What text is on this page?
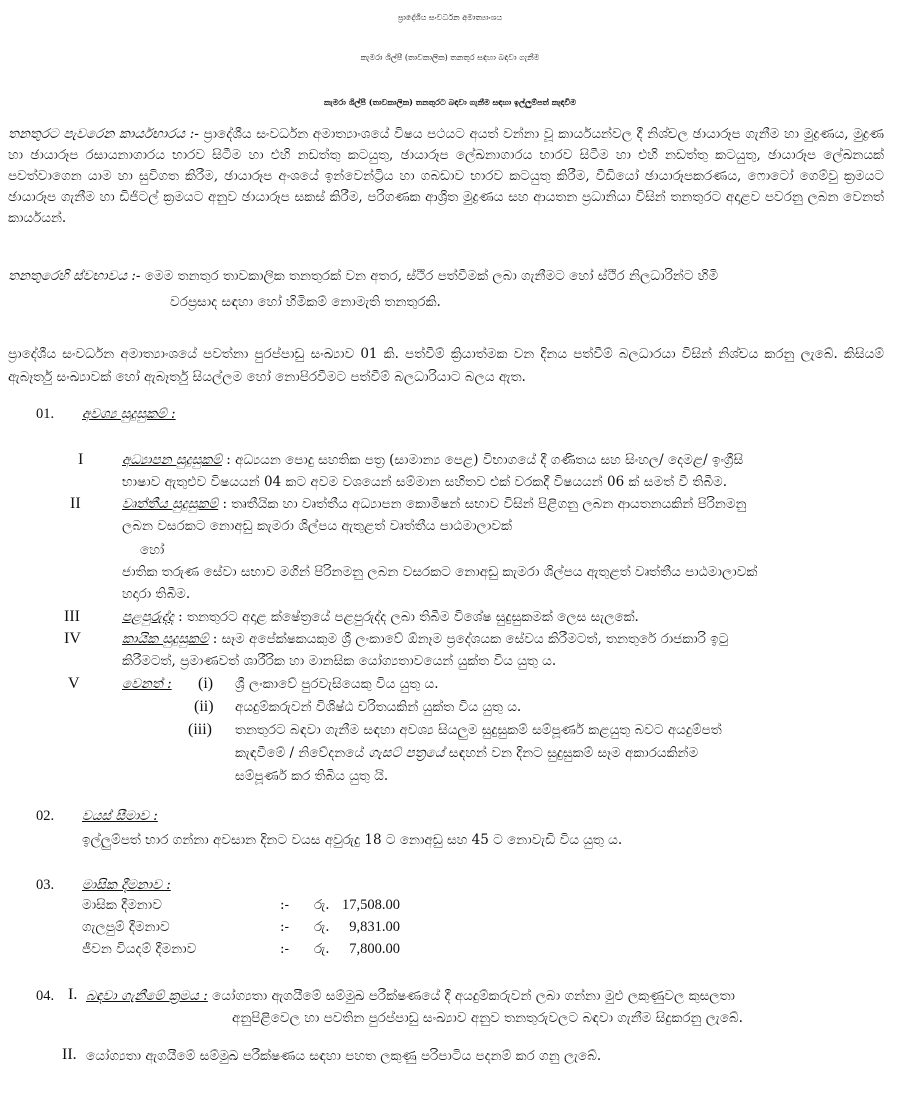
ප්‍රාදේශීය සංවර්ධන අමාත්‍යාංශය
කැමරා ශිල්පී (තාවකාලික) තනතුර සඳහා බඳවා ගැනීම
කැමරා ශිල්පී (තාවකාලික) තනතුරට බඳවා ගැනීම සඳහා ඉල්ලුම්පත් කැඳවීම
තනතුරට පැවරෙන කාර්යභාරය :- ප්‍රාදේශීය සංවර්ධන අමාත්‍යාංශයේ විෂය පථයට අයත් වන්නා වූ කාර්යයන්වල දී නිශ්චල ඡායාරූප ගැනීම හා මුද්‍රණය, මුද්‍රණ හා ඡායාරූප රසායනාගාරය භාරව සිටීම හා එහි නඩත්තු කටයුතු, ඡායාරූප ලේඛනාගාරය භාරව සිටීම හා එහි නඩත්තු කටයුතු, ඡායාරූප ලේඛනයක් පවත්වාගෙන යාම හා සුවිගත කිරීම, ඡායාරූප අංශයේ ඉන්වෙන්ට්‍රිය හා ගබඩාව භාරව කටයුතු කිරීම, වීඩියෝ ඡායාරූපකරණය, ෆොටෝ ගෙම්වු ක්‍රමයට ඡායාරූප ගැනීම හා ඩිජිටල් ක්‍රමයට අනුව ඡායාරූප සකස් කිරීම, පරිගණක ආශ්‍රිත මුද්‍රණය සහ ආයතන ප්‍රධානියා විසින් තනතුරට අදාළව පවරනු ලබන වෙනත් කාර්යයන්.
තනතුරෙහි ස්වභාවය :- මෙම තනතුර තාවකාලික තනතුරක් වන අතර, ස්ථිර පත්වීමක් ලබා ගැනීමට හෝ ස්ථිර නිලධාරින්ට හිමි
වරප්‍රසාද සඳහා හෝ හිමිකම් නොමැති තනතුරකි.
ප්‍රාදේශීය සංවර්ධන අමාත්‍යාංශයේ පවත්නා පුරප්පාඩු සංඛ්‍යාව 01 කි. පත්වීම් ක්‍රියාත්මක වන දිනය පත්වීම් බලධාරයා විසින් නිශ්චය කරනු ලැබේ. කිසියම් ඇබෑර්තු සංඛ්‍යාවක් හෝ ඇබෑර්තු සියල්ලම හෝ නොපිරවීමට පත්වීම් බලධාරියාට බලය ඇත.
01. අවශ්‍ය සුදුසුකම් :
I	අධ්‍යාපන සුදුසුකම් : අධ්‍යයන පොදු සහතික පත්‍ර (සාමාන්‍ය පෙළ) විභාගයේ දී ගණිතය සහ සිංහල/ දෙමළ/ ඉංග්‍රීසි
භාෂාව ඇතුළුව විෂයයන් 04 කට අවම වශයෙන් සම්මාන සහිතව එක් වරකදී විෂයයන් 06 ක් සමත් වී තිබීම.
II	වෘත්තීය සුදුසුකම් : තෘතීයික හා වෘත්තීය අධ්‍යාපන කොමිෂන් සභාව විසින් පිළිගනු ලබන ආයතනයකින් පිරිනමනු
ලබන වසරකට නොඅඩු කැමරා ශිල්පය ඇතුළත් වෘත්තීය පාඨමාලාවක්
හෝ
ජාතික තරුණ සේවා සභාව මගින් පිරිනමනු ලබන වසරකට නොඅඩු කැමරා ශිල්පය ඇතුළත් වෘත්තීය පාඨමාලාවක්
හදාරා තිබීම.
III	පළපුරුද්ද : තනතුරට අදාළ ක්ෂේත්‍රයේ පළපුරුද්ද ලබා තිබීම විශේෂ සුදුසුකමක් ලෙස සැලකේ.
IV	කායික සුදුසුකම් : සෑම අපේක්ෂකයකුම ශ්‍රී ලංකාවේ ඕනෑම ප්‍රදේශයක සේවය කිරීමටත්, තනතුරේ රාජකාරි ඉටු
කිරීමටත්, ප්‍රමාණවත් ශාරීරික හා මානසික යෝග්‍යතාවයෙන් යුක්ත විය යුතු ය.
V	වෙනත් : (i) ශ්‍රී ලංකාවේ පුරවැසියෙකු විය යුතු ය.
(ii) අයදුම්කරුවන් විශිෂ්ඨ චරිතයකින් යුක්ත විය යුතු ය.
(iii) තනතුරට බඳවා ගැනීම සඳහා අවශ්‍ය සියලුම සුදුසුකම් සම්පූර්ණ කළයුතු බවට අයදුම්පත්
කැඳවීමේ / නිවේදනයේ ගැසට් පත්‍රයේ සඳහන් වන දිනට සුදුසුකම් සෑම අකාරයකින්ම
සම්පූර්ණ කර තිබිය යුතු යි.
02. වයස් සීමාව :
ඉල්ලුම්පත් භාර ගන්නා අවසාන දිනට වයස අවුරුදු 18 ට නොඅඩු සහ 45 ට නොවැඩි විය යුතු ය.
03. මාසික දීමනාව :
මාසික දීමනාව	:- රු. 17,508.00
ගැලපුම් දීමනාව	:- රු.	9,831.00
ජීවන වියදම් දීමනාව	:- රු.	7,800.00
04. I. බඳවා ගැනීමේ ක්‍රමය : යෝග්‍යතා ඇගයීමේ සම්මුඛ පරීක්ෂණයේ දී අයදුම්කරුවන් ලබා ගන්නා මුළු ලකුණුවල කුසලතා
අනුපිළිවෙල හා පවතින පුරප්පාඩු සංඛ්‍යාව අනුව තනතුරුවලට බඳවා ගැනීම සිදුකරනු ලැබේ.
II. යෝග්‍යතා ඇගයීමේ සම්මුඛ පරීක්ෂණය සඳහා පහත ලකුණු පරිපාටිය පදනම් කර ගනු ලැබේ.
